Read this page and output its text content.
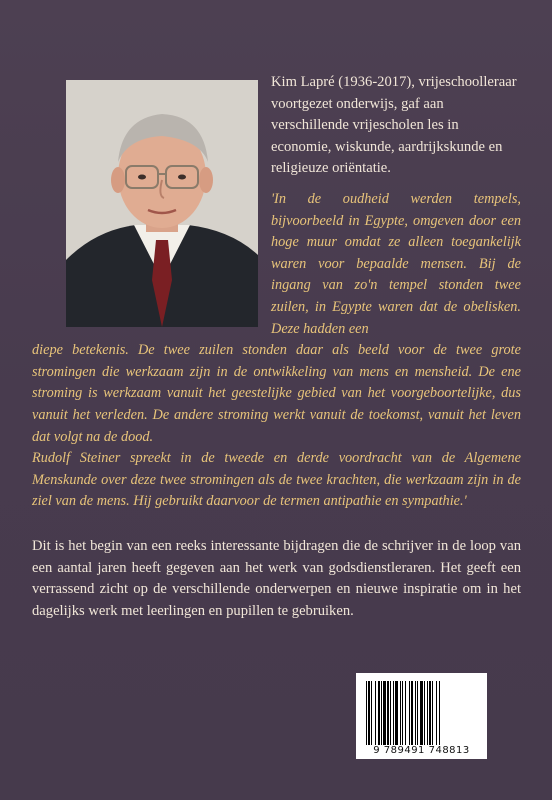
Kim Lapré (1936-2017), vrijeschoolleraar voortgezet onderwijs, gaf aan verschillende vrijescholen les in economie, wiskunde, aardrijkskunde en religieuze oriëntatie.

'In de oudheid werden tempels, bijvoorbeeld in Egypte, omgeven door een hoge muur omdat ze alleen toegankelijk waren voor bepaalde mensen. Bij de ingang van zo'n tempel stonden twee zuilen, in Egypte waren dat de obelisken. Deze hadden een
diepe betekenis. De twee zuilen stonden daar als beeld voor de twee grote stromingen die werkzaam zijn in de ontwikkeling van mens en mensheid. De ene stroming is werkzaam vanuit het geestelijke gebied van het voorgeboortelijke, dus vanuit het verleden. De andere stroming werkt vanuit de toekomst, vanuit het leven dat volgt na de dood.
Rudolf Steiner spreekt in de tweede en derde voordracht van de Algemene Menskunde over deze twee stromingen als de twee krachten, die werkzaam zijn in de ziel van de mens. Hij gebruikt daarvoor de termen antipathie en sympathie.'

Dit is het begin van een reeks interessante bijdragen die de schrijver in de loop van een aantal jaren heeft gegeven aan het werk van godsdienstleraren. Het geeft een verrassend zicht op de verschillende onderwerpen en nieuwe inspiratie om in het dagelijks werk met leerlingen en pupillen te gebruiken.

9 789491 748813
